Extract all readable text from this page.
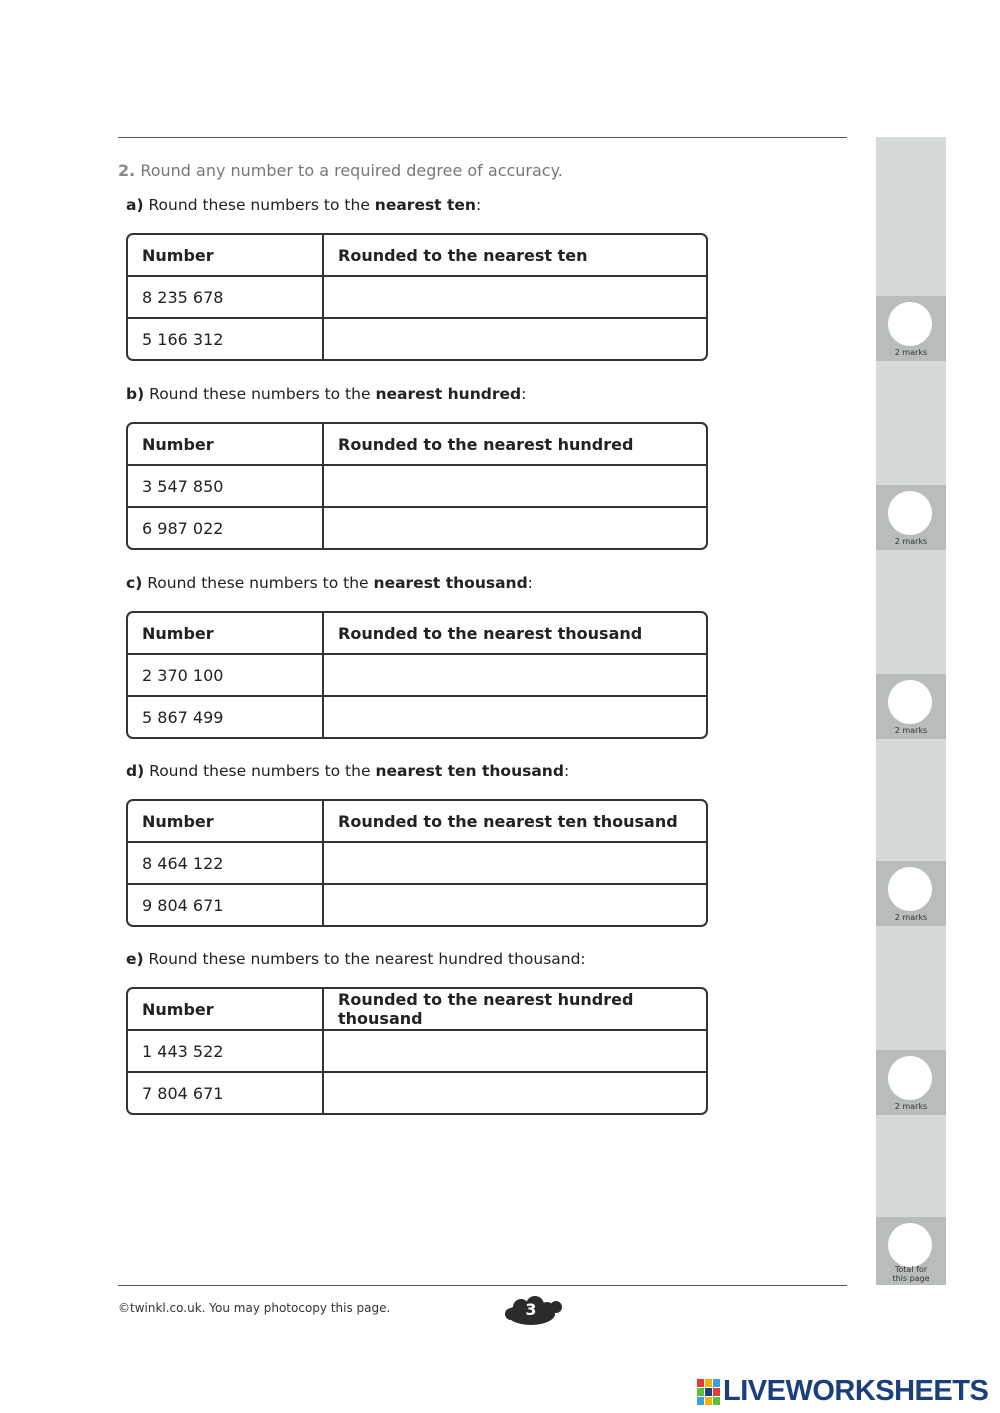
2. Round any number to a required degree of accuracy.
a) Round these numbers to the nearest ten:
Number	Rounded to the nearest ten
8 235 678	
5 166 312	
b) Round these numbers to the nearest hundred:
Number	Rounded to the nearest hundred
3 547 850	
6 987 022	
c) Round these numbers to the nearest thousand:
Number	Rounded to the nearest thousand
2 370 100	
5 867 499	
d) Round these numbers to the nearest ten thousand:
Number	Rounded to the nearest ten thousand
8 464 122	
9 804 671	
e) Round these numbers to the nearest hundred thousand:
Number	Rounded to the nearest hundred thousand
1 443 522	
7 804 671	
2 marks
2 marks
2 marks
2 marks
2 marks
Total for
this page
©twinkl.co.uk. You may photocopy this page.	3
LIVEWORKSHEETS
